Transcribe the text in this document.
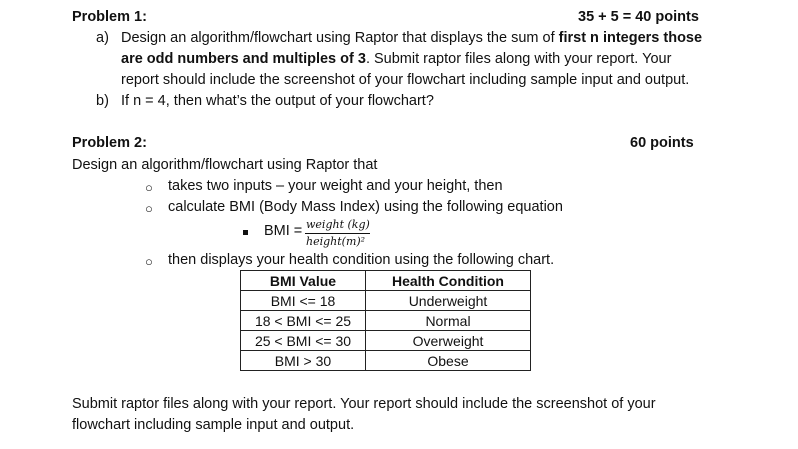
Problem 1:	35 + 5 = 40 points
a) Design an algorithm/flowchart using Raptor that displays the sum of first n integers those
are odd numbers and multiples of 3. Submit raptor files along with your report. Your
report should include the screenshot of your flowchart including sample input and output.
b) If n = 4, then what’s the output of your flowchart?
Problem 2:	60 points
Design an algorithm/flowchart using Raptor that
○ takes two inputs – your weight and your height, then
○ calculate BMI (Body Mass Index) using the following equation
BMI = weight (kg)
height(m)²
○ then displays your health condition using the following chart.
BMI Value	Health Condition
BMI <= 18	Underweight
18 < BMI <= 25	Normal
25 < BMI <= 30	Overweight
BMI > 30	Obese
Submit raptor files along with your report. Your report should include the screenshot of your
flowchart including sample input and output.
